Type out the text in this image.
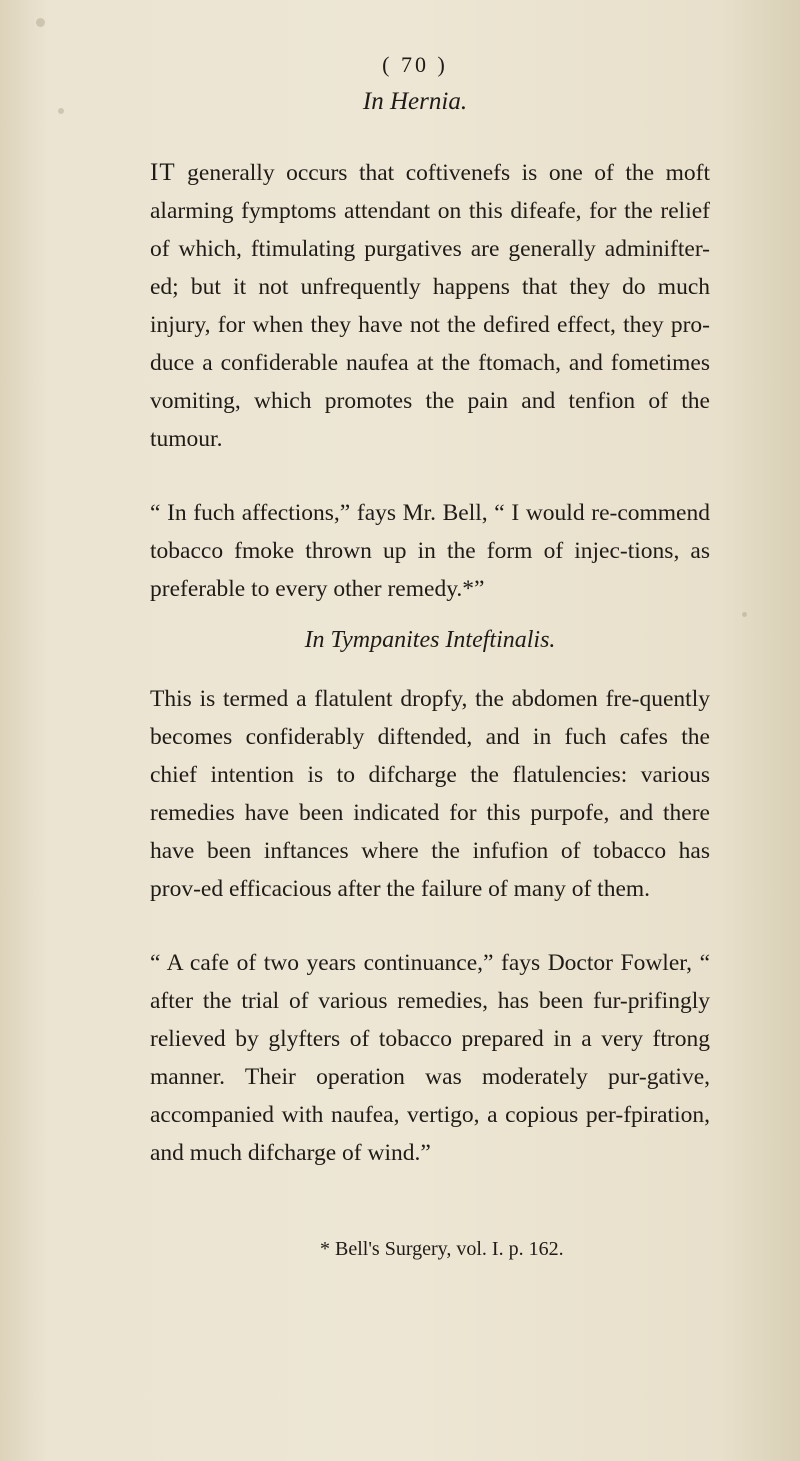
( 70 )
In Hernia.

IT generally occurs that coftivenefs is one of the moft alarming fymptoms attendant on this difeafe, for the relief of which, ftimulating purgatives are generally adminifter-ed; but it not unfrequently happens that they do much injury, for when they have not the defired effect, they pro-duce a confiderable naufea at the ftomach, and fometimes vomiting, which promotes the pain and tenfion of the tumour.

“ In fuch affections,” fays Mr. Bell, “ I would re-commend tobacco fmoke thrown up in the form of injec-tions, as preferable to every other remedy.*”

In Tympanites Inteftinalis.

This is termed a flatulent dropfy, the abdomen fre-quently becomes confiderably diftended, and in fuch cafes the chief intention is to difcharge the flatulencies: various remedies have been indicated for this purpofe, and there have been inftances where the infufion of tobacco has prov-ed efficacious after the failure of many of them.

“ A cafe of two years continuance,” fays Doctor Fowler, “ after the trial of various remedies, has been fur-prifingly relieved by glyfters of tobacco prepared in a very ftrong manner. Their operation was moderately pur-gative, accompanied with naufea, vertigo, a copious per-fpiration, and much difcharge of wind.”

* Bell's Surgery, vol. I. p. 162.
